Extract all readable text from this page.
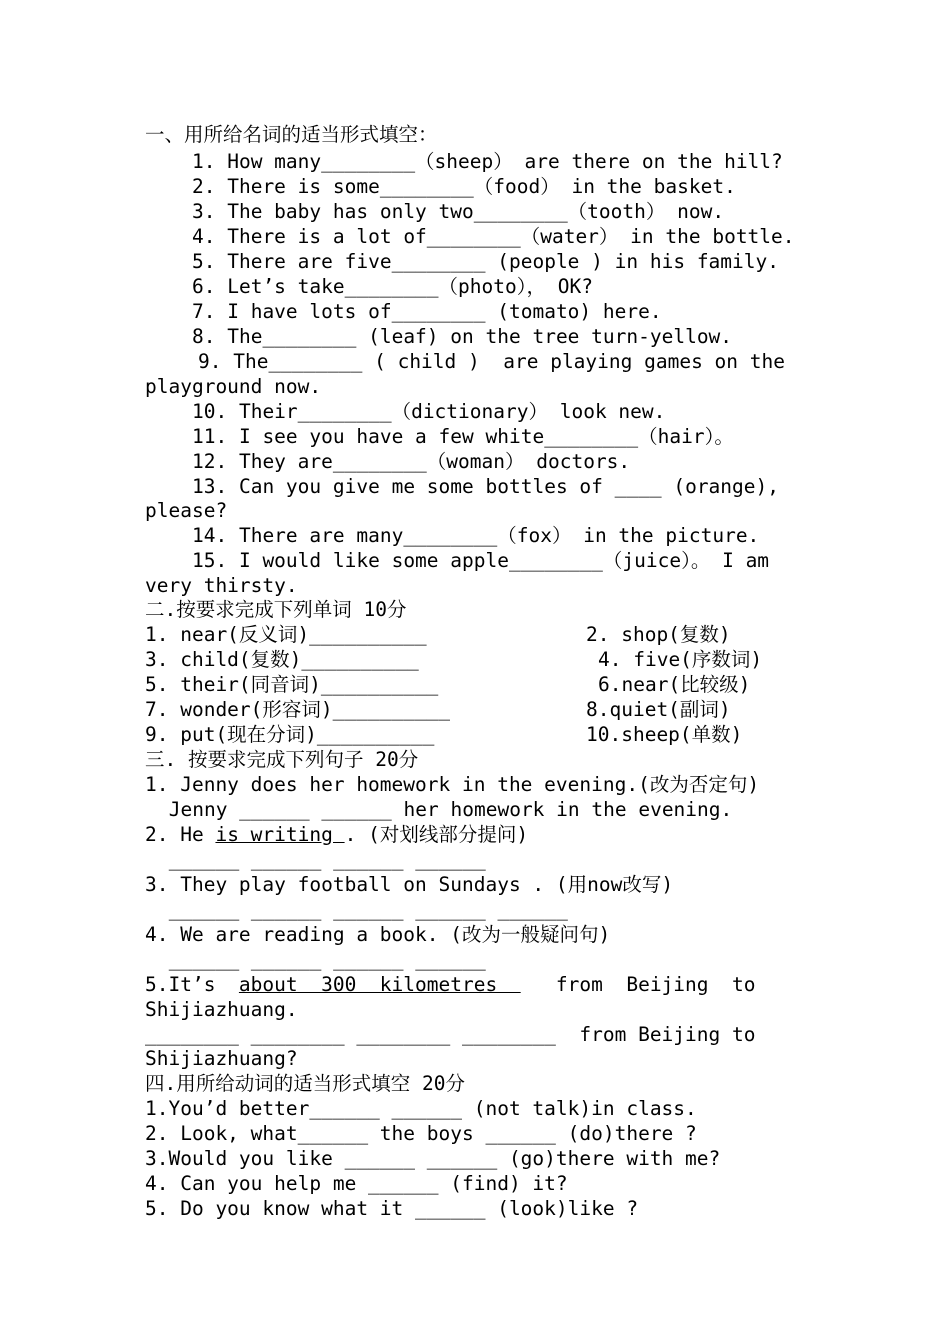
一、用所给名词的适当形式填空：
1. How many________（sheep） are there on the hill?
2. There is some________（food） in the basket.
3. The baby has only two________（tooth） now.
4. There is a lot of________（water） in the bottle.
5. There are five________ (people ) in his family.
6. Let’s take________（photo）， OK?
7. I have lots of________ (tomato) here.
8. The________ (leaf) on the tree turn-yellow.
9. The________ ( child )  are playing games on the
playground now.
10. Their________（dictionary） look new.
11. I see you have a few white________（hair）。
12. They are________（woman） doctors.
13. Can you give me some bottles of ____ (orange),
please?
14. There are many________（fox） in the picture.
15. I would like some apple________（juice）。 I am
very thirsty.
二.按要求完成下列单词 10分
1. near(反义词)__________	2. shop(复数)
3. child(复数)__________	4. five(序数词)
5. their(同音词)__________	6.near(比较级)
7. wonder(形容词)__________	8.quiet(副词)
9. put(现在分词)__________	10.sheep(单数)
三. 按要求完成下列句子 20分
1. Jenny does her homework in the evening.(改为否定句)
Jenny ______ ______ her homework in the evening.
2. He is writing . (对划线部分提问)
______ ______ ______ ______
3. They play football on Sundays . (用now改写)
______ ______ ______ ______ ______
4. We are reading a book. (改为一般疑问句)
______ ______ ______ ______
5.It’s  about  300  kilometres     from  Beijing  to
Shijiazhuang.
________ ________ ________ ________  from Beijing to
Shijiazhuang?
四.用所给动词的适当形式填空 20分
1.You’d better______ ______ (not talk)in class.
2. Look, what______ the boys ______ (do)there ?
3.Would you like ______ ______ (go)there with me?
4. Can you help me ______ (find) it?
5. Do you know what it ______ (look)like ?
